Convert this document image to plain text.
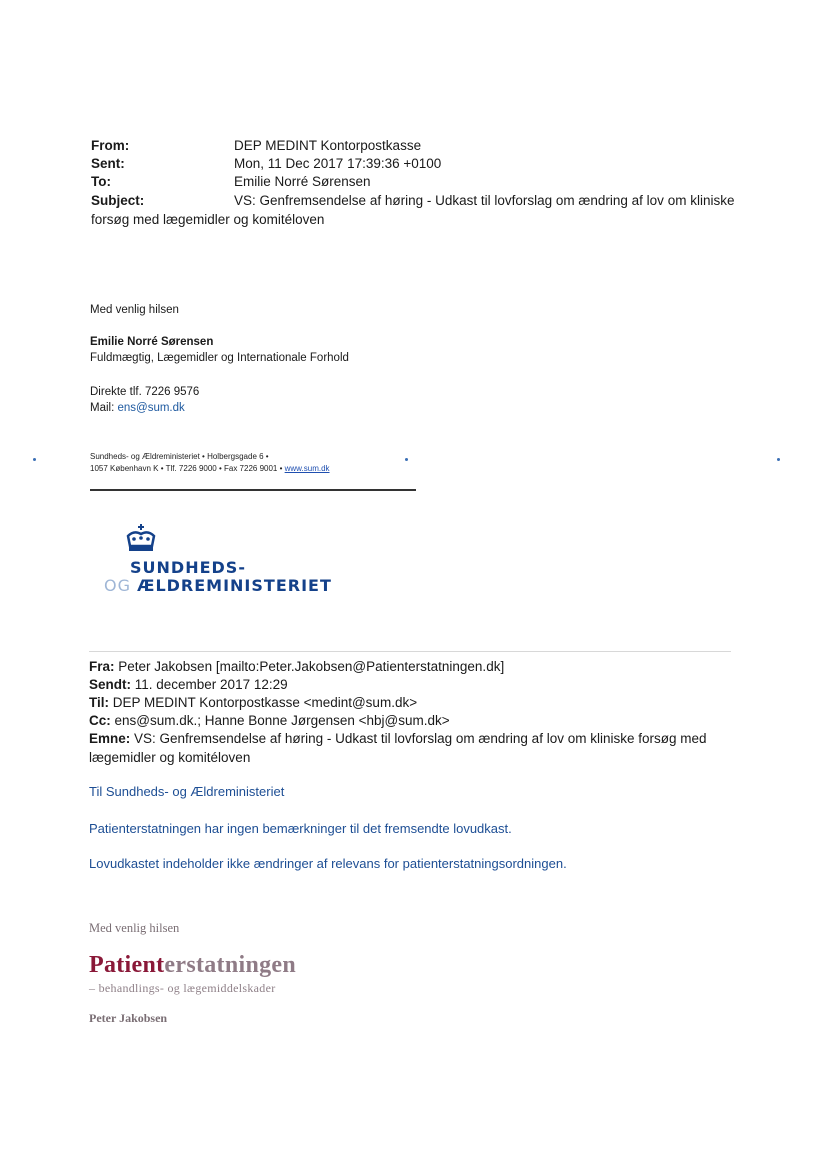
From:	DEP MEDINT Kontorpostkasse
Sent:	Mon, 11 Dec 2017 17:39:36 +0100
To:	Emilie Norré Sørensen
Subject:	VS: Genfremsendelse af høring - Udkast til lovforslag om ændring af lov om kliniske forsøg med lægemidler og komitéloven
Med venlig hilsen
Emilie Norré Sørensen
Fuldmægtig, Lægemidler og Internationale Forhold
Direkte tlf. 7226 9576
Mail: ens@sum.dk
Sundheds- og Ældreministeriet • Holbergsgade 6 •
1057 København K • Tlf. 7226 9000 • Fax 7226 9001 • www.sum.dk
SUNDHEDS-
OG ÆLDREMINISTERIET
Fra: Peter Jakobsen [mailto:Peter.Jakobsen@Patienterstatningen.dk]
Sendt: 11. december 2017 12:29
Til: DEP MEDINT Kontorpostkasse <medint@sum.dk>
Cc: ens@sum.dk.; Hanne Bonne Jørgensen <hbj@sum.dk>
Emne: VS: Genfremsendelse af høring - Udkast til lovforslag om ændring af lov om kliniske forsøg med lægemidler og komitéloven
Til Sundheds- og Ældreministeriet
Patienterstatningen har ingen bemærkninger til det fremsendte lovudkast.
Lovudkastet indeholder ikke ændringer af relevans for patienterstatningsordningen.
Med venlig hilsen
Patienterstatningen
– behandlings- og lægemiddelskader
Peter Jakobsen
